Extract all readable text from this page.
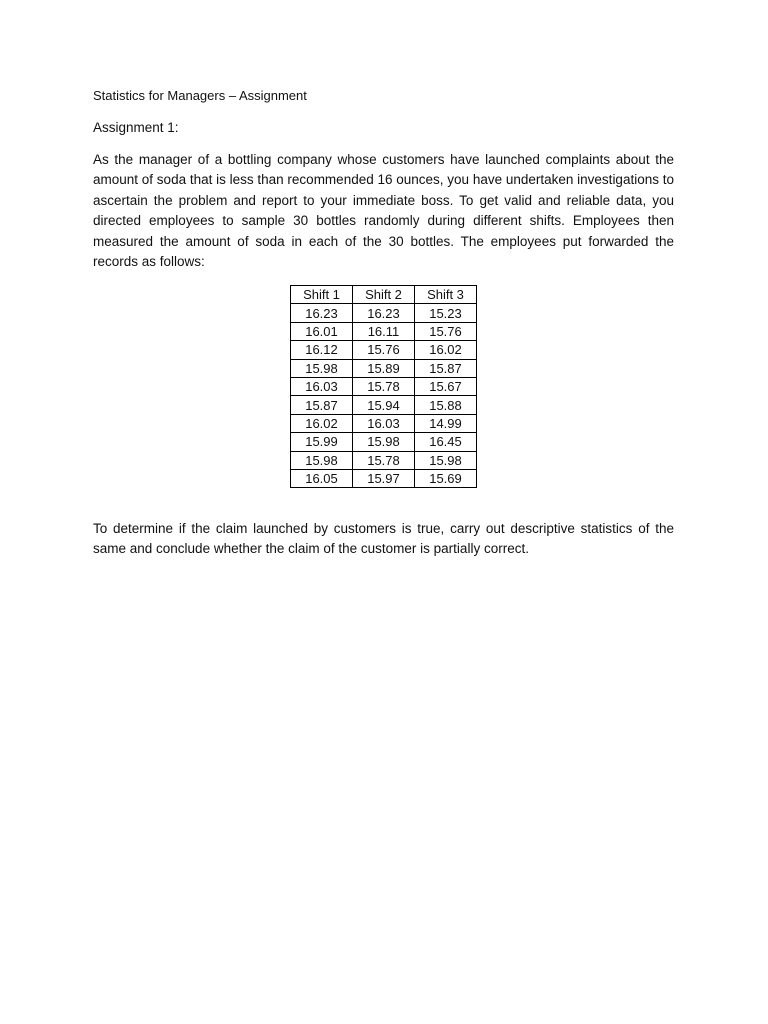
Statistics for Managers – Assignment
Assignment 1:

As the manager of a bottling company whose customers have launched complaints about the amount of soda that is less than recommended 16 ounces, you have undertaken investigations to ascertain the problem and report to your immediate boss. To get valid and reliable data, you directed employees to sample 30 bottles randomly during different shifts. Employees then measured the amount of soda in each of the 30 bottles. The employees put forwarded the records as follows:

Shift 1	Shift 2	Shift 3
16.23	16.23	15.23
16.01	16.11	15.76
16.12	15.76	16.02
15.98	15.89	15.87
16.03	15.78	15.67
15.87	15.94	15.88
16.02	16.03	14.99
15.99	15.98	16.45
15.98	15.78	15.98
16.05	15.97	15.69

To determine if the claim launched by customers is true, carry out descriptive statistics of the same and conclude whether the claim of the customer is partially correct.
